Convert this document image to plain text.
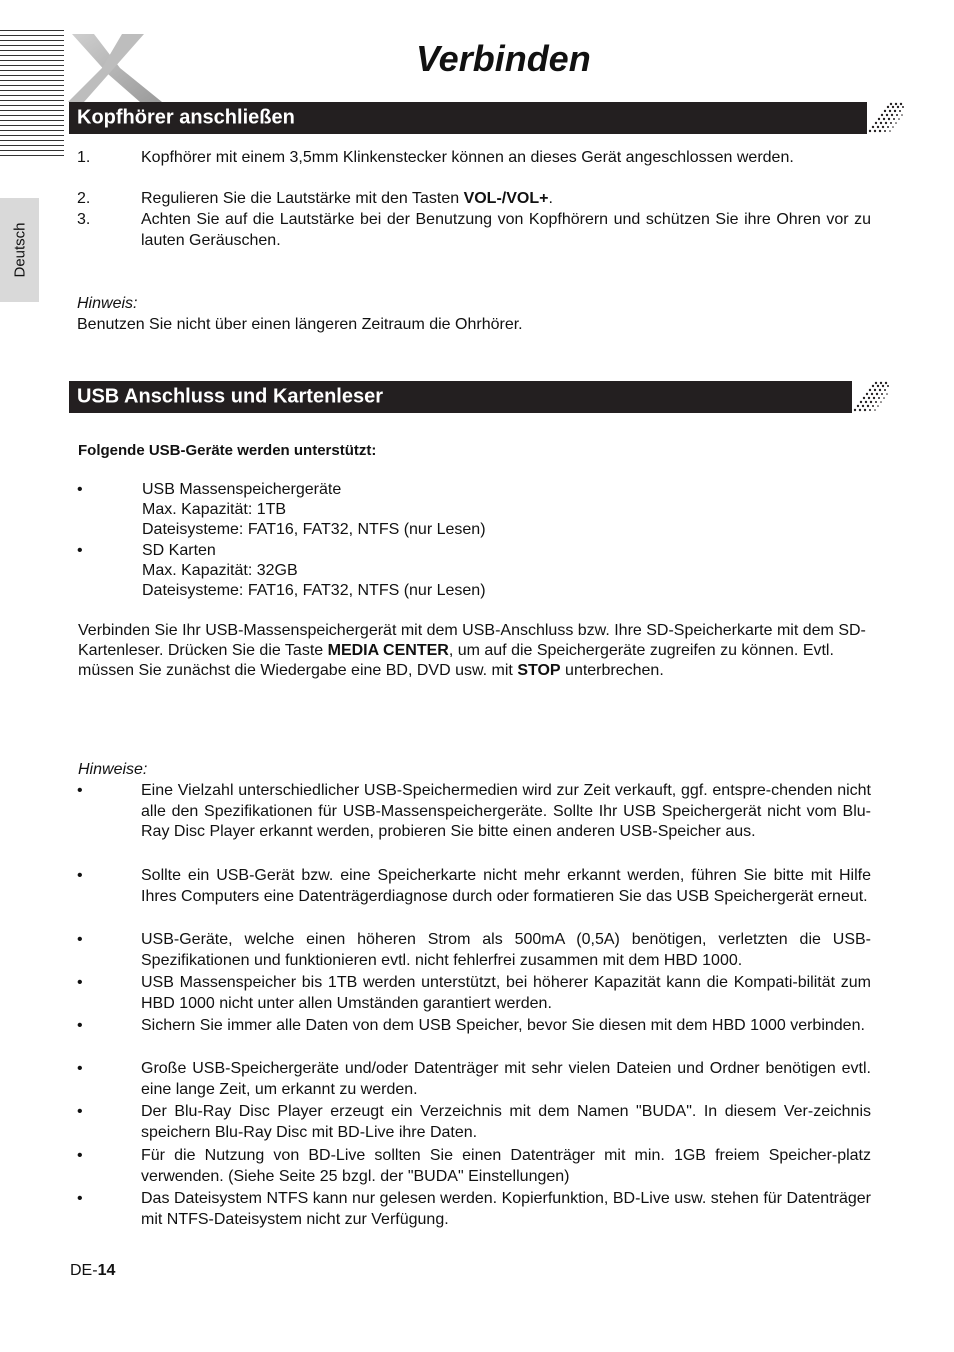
Verbinden
Deutsch
Kopfhörer anschließen
1.	Kopfhörer mit einem 3,5mm Klinkenstecker können an dieses Gerät angeschlossen werden.
2.	Regulieren Sie die Lautstärke mit den Tasten VOL-/VOL+.
3.	Achten Sie auf die Lautstärke bei der Benutzung von Kopfhörern und schützen Sie ihre Ohren vor zu lauten Geräuschen.
Hinweis:
Benutzen Sie nicht über einen längeren Zeitraum die Ohrhörer.
USB Anschluss und Kartenleser
Folgende USB-Geräte werden unterstützt:
•	USB Massenspeichergeräte
Max. Kapazität: 1TB
Dateisysteme: FAT16, FAT32, NTFS (nur Lesen)
•	SD Karten
Max. Kapazität: 32GB
Dateisysteme: FAT16, FAT32, NTFS (nur Lesen)
Verbinden Sie Ihr USB-Massenspeichergerät mit dem USB-Anschluss bzw. Ihre SD-Speicherkarte mit dem SD-Kartenleser. Drücken Sie die Taste MEDIA CENTER, um auf die Speichergeräte zugreifen zu können. Evtl. müssen Sie zunächst die Wiedergabe eine BD, DVD usw. mit STOP unterbrechen.
Hinweise:
•	Eine Vielzahl unterschiedlicher USB-Speichermedien wird zur Zeit verkauft, ggf. entspre-chenden nicht alle den Spezifikationen für USB-Massenspeichergeräte. Sollte Ihr USB Speichergerät nicht vom Blu-Ray Disc Player erkannt werden, probieren Sie bitte einen anderen USB-Speicher aus.
•	Sollte ein USB-Gerät bzw. eine Speicherkarte nicht mehr erkannt werden, führen Sie bitte mit Hilfe Ihres Computers eine Datenträgerdiagnose durch oder formatieren Sie das USB Speichergerät erneut.
•	USB-Geräte, welche einen höheren Strom als 500mA (0,5A) benötigen, verletzten die USB-Spezifikationen und funktionieren evtl. nicht fehlerfrei zusammen mit dem HBD 1000.
•	USB Massenspeicher bis 1TB werden unterstützt, bei höherer Kapazität kann die Kompati-bilität zum HBD 1000 nicht unter allen Umständen garantiert werden.
•	Sichern Sie immer alle Daten von dem USB Speicher, bevor Sie diesen mit dem HBD 1000 verbinden.
•	Große USB-Speichergeräte und/oder Datenträger mit sehr vielen Dateien und Ordner benötigen evtl. eine lange Zeit, um erkannt zu werden.
•	Der Blu-Ray Disc Player erzeugt ein Verzeichnis mit dem Namen "BUDA". In diesem Ver-zeichnis speichern Blu-Ray Disc mit BD-Live ihre Daten.
•	Für die Nutzung von BD-Live sollten Sie einen Datenträger mit min. 1GB freiem Speicher-platz verwenden. (Siehe Seite 25 bzgl. der "BUDA" Einstellungen)
•	Das Dateisystem NTFS kann nur gelesen werden. Kopierfunktion, BD-Live usw. stehen für Datenträger mit NTFS-Dateisystem nicht zur Verfügung.
DE-14
